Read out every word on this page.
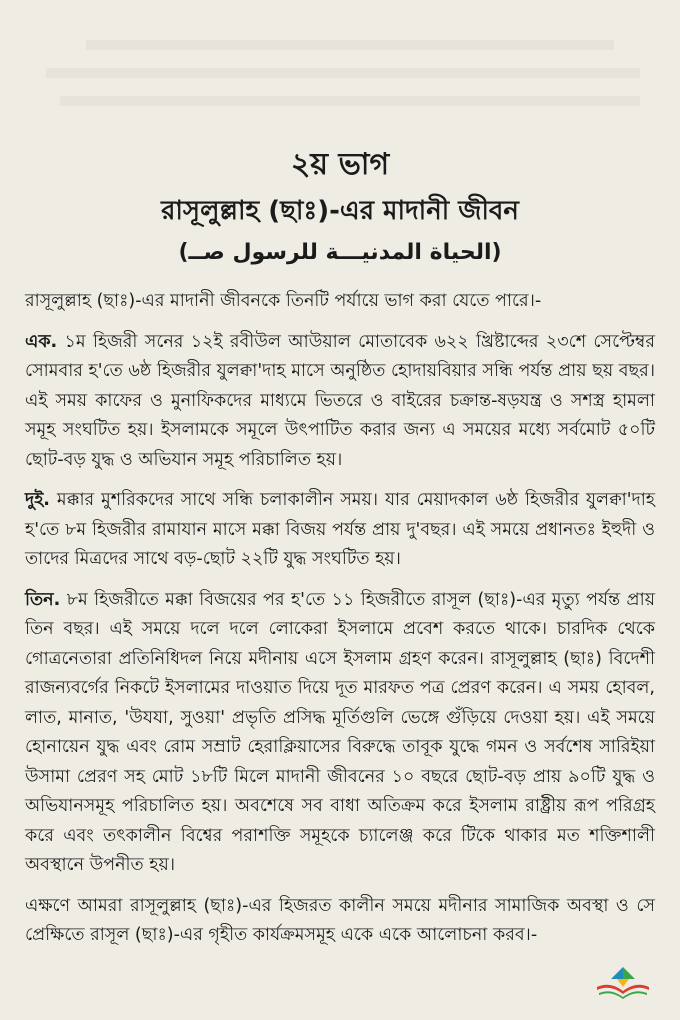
২য় ভাগ
রাসূলুল্লাহ (ছাঃ)-এর মাদানী জীবন
(الحياة المدنيـــة للرسول صــ)

রাসূলুল্লাহ (ছাঃ)-এর মাদানী জীবনকে তিনটি পর্যায়ে ভাগ করা যেতে পারে।-

এক. ১ম হিজরী সনের ১২ই রবীউল আউয়াল মোতাবেক ৬২২ খ্রিষ্টাব্দের ২৩শে সেপ্টেম্বর সোমবার হ'তে ৬ষ্ঠ হিজরীর যুলক্বা'দাহ মাসে অনুষ্ঠিত হোদায়বিয়ার সন্ধি পর্যন্ত প্রায় ছয় বছর। এই সময় কাফের ও মুনাফিকদের মাধ্যমে ভিতরে ও বাইরের চক্রান্ত-ষড়যন্ত্র ও সশস্ত্র হামলা সমূহ সংঘটিত হয়। ইসলামকে সমূলে উৎপাটিত করার জন্য এ সময়ের মধ্যে সর্বমোট ৫০টি ছোট-বড় যুদ্ধ ও অভিযান সমূহ পরিচালিত হয়।

দুই. মক্কার মুশরিকদের সাথে সন্ধি চলাকালীন সময়। যার মেয়াদকাল ৬ষ্ঠ হিজরীর যুলক্বা'দাহ হ'তে ৮ম হিজরীর রামাযান মাসে মক্কা বিজয় পর্যন্ত প্রায় দু'বছর। এই সময়ে প্রধানতঃ ইহুদী ও তাদের মিত্রদের সাথে বড়-ছোট ২২টি যুদ্ধ সংঘটিত হয়।

তিন. ৮ম হিজরীতে মক্কা বিজয়ের পর হ'তে ১১ হিজরীতে রাসূল (ছাঃ)-এর মৃত্যু পর্যন্ত প্রায় তিন বছর। এই সময়ে দলে দলে লোকেরা ইসলামে প্রবেশ করতে থাকে। চারদিক থেকে গোত্রনেতারা প্রতিনিধিদল নিয়ে মদীনায় এসে ইসলাম গ্রহণ করেন। রাসূলুল্লাহ (ছাঃ) বিদেশী রাজন্যবর্গের নিকটে ইসলামের দাওয়াত দিয়ে দূত মারফত পত্র প্রেরণ করেন। এ সময় হোবল, লাত, মানাত, 'উযযা, সুওয়া' প্রভৃতি প্রসিদ্ধ মূর্তিগুলি ভেঙ্গে গুঁড়িয়ে দেওয়া হয়। এই সময়ে হোনায়েন যুদ্ধ এবং রোম সম্রাট হেরাক্লিয়াসের বিরুদ্ধে তাবূক যুদ্ধে গমন ও সর্বশেষ সারিইয়া উসামা প্রেরণ সহ মোট ১৮টি মিলে মাদানী জীবনের ১০ বছরে ছোট-বড় প্রায় ৯০টি যুদ্ধ ও অভিযানসমূহ পরিচালিত হয়। অবশেষে সব বাধা অতিক্রম করে ইসলাম রাষ্ট্রীয় রূপ পরিগ্রহ করে এবং তৎকালীন বিশ্বের পরাশক্তি সমূহকে চ্যালেঞ্জ করে টিকে থাকার মত শক্তিশালী অবস্থানে উপনীত হয়।

এক্ষণে আমরা রাসূলুল্লাহ (ছাঃ)-এর হিজরত কালীন সময়ে মদীনার সামাজিক অবস্থা ও সে প্রেক্ষিতে রাসূল (ছাঃ)-এর গৃহীত কার্যক্রমসমূহ একে একে আলোচনা করব।-
